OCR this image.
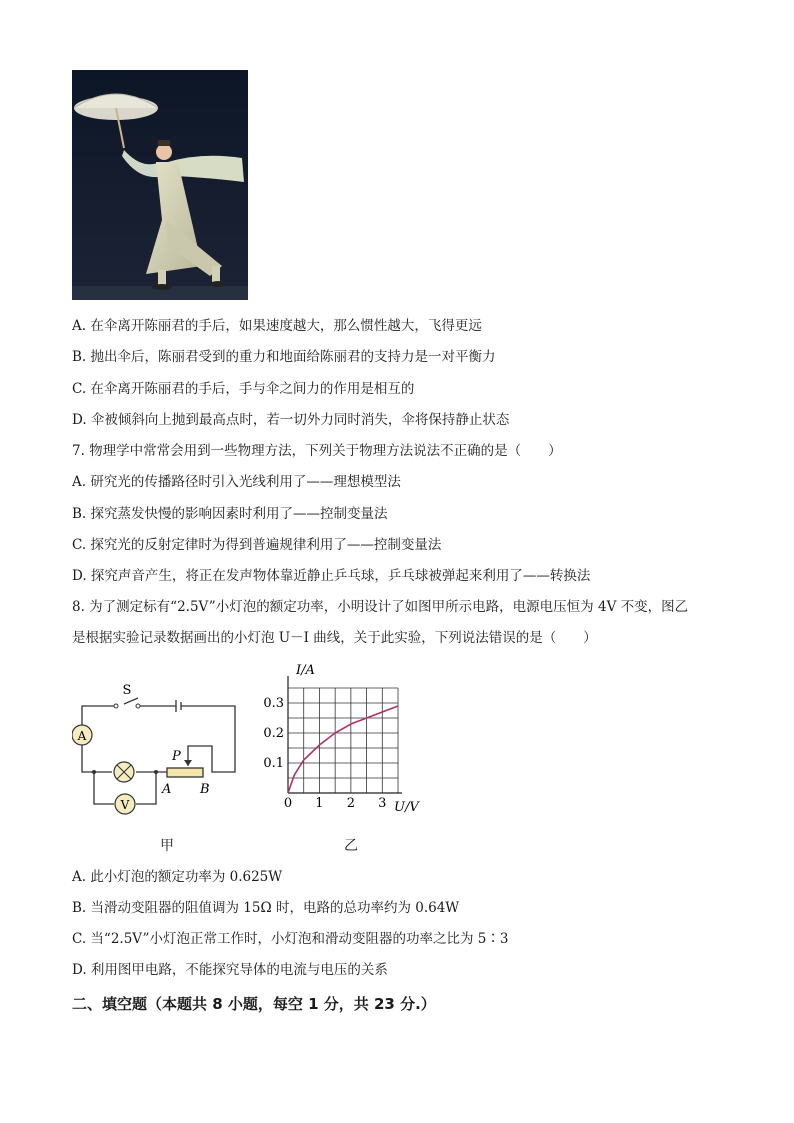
A. 在伞离开陈丽君的手后，如果速度越大，那么惯性越大，飞得更远
B. 抛出伞后，陈丽君受到的重力和地面给陈丽君的支持力是一对平衡力
C. 在伞离开陈丽君的手后，手与伞之间力的作用是相互的
D. 伞被倾斜向上抛到最高点时，若一切外力同时消失，伞将保持静止状态
7. 物理学中常常会用到一些物理方法，下列关于物理方法说法不正确的是（　　）
A. 研究光的传播路径时引入光线利用了——理想模型法
B. 探究蒸发快慢的影响因素时利用了——控制变量法
C. 探究光的反射定律时为得到普遍规律利用了——控制变量法
D. 探究声音产生，将正在发声物体靠近静止乒乓球，乒乓球被弹起来利用了——转换法
8. 为了测定标有“2.5V”小灯泡的额定功率，小明设计了如图甲所示电路，电源电压恒为 4V 不变，图乙
是根据实验记录数据画出的小灯泡 U－I 曲线，关于此实验，下列说法错误的是（　　）
A
V
S
P
A B
0 1 2 3
0.1
0.2
0.3
U/V
I/A
甲	乙
A. 此小灯泡的额定功率为 0.625W
B. 当滑动变阻器的阻值调为 15Ω 时，电路的总功率约为 0.64W
C. 当“2.5V”小灯泡正常工作时，小灯泡和滑动变阻器的功率之比为 5∶3
D. 利用图甲电路，不能探究导体的电流与电压的关系
二、填空题（本题共 8 小题，每空 1 分，共 23 分.）
